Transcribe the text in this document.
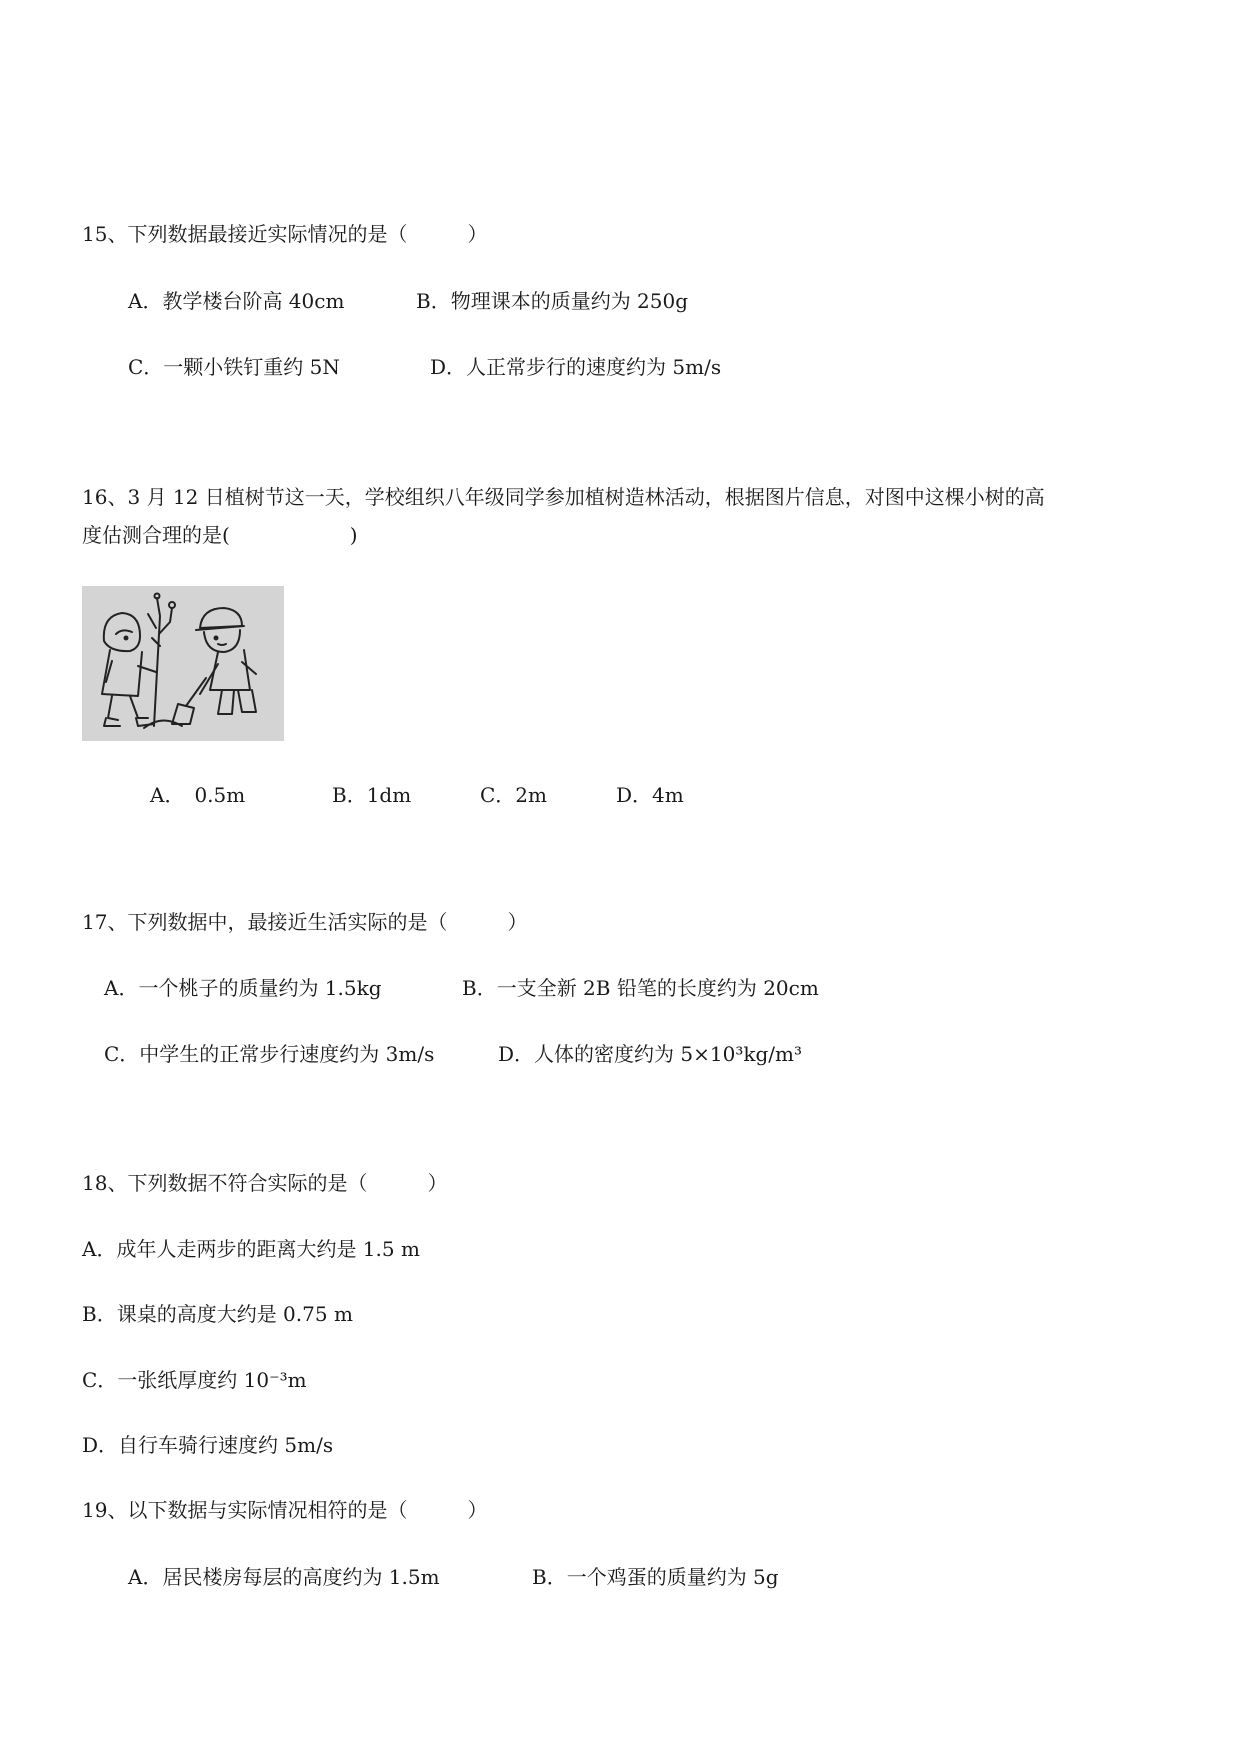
15、下列数据最接近实际情况的是（　　　）
A．教学楼台阶高 40cm	B．物理课本的质量约为 250g
C．一颗小铁钉重约 5N	D．人正常步行的速度约为 5m/s
16、3 月 12 日植树节这一天，学校组织八年级同学参加植树造林活动，根据图片信息，对图中这棵小树的高
度估测合理的是(　　　　　　)
A．　0.5m	B．1dm	C．2m	D．4m
17、下列数据中，最接近生活实际的是（　　　）
A．一个桃子的质量约为 1.5kg	B．一支全新 2B 铅笔的长度约为 20cm
C．中学生的正常步行速度约为 3m/s	D．人体的密度约为 5×10³kg/m³
18、下列数据不符合实际的是（　　　）
A．成年人走两步的距离大约是 1.5 m
B．课桌的高度大约是 0.75 m
C．一张纸厚度约 10⁻³m
D．自行车骑行速度约 5m/s
19、以下数据与实际情况相符的是（　　　）
A．居民楼房每层的高度约为 1.5m	B．一个鸡蛋的质量约为 5g
